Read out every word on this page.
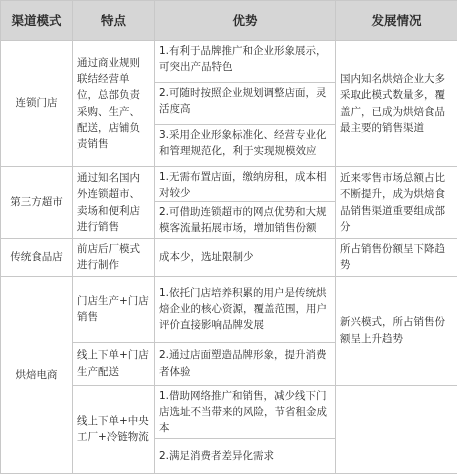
渠道模式	特点	优势	发展情况
连锁门店	通过商业规则联结经营单位，总部负责采购、生产、配送，店铺负责销售	1.有利于品牌推广和企业形象展示，可突出产品特色
2.可随时按照企业规划调整店面，灵活度高
3.采用企业形象标准化、经营专业化和管理规范化，利于实现规模效应	国内知名烘焙企业大多采取此模式数量多，覆盖广，已成为烘焙食品最主要的销售渠道
第三方超市	通过知名国内外连锁超市、卖场和便利店进行销售	1.无需布置店面，缴纳房租，成本相对较少
2.可借助连锁超市的网点优势和大规模客流量拓展市场，增加销售份额	近来零售市场总额占比不断提升，成为烘焙食品销售渠道重要组成部分
传统食品店	前店后厂模式进行制作	成本少，选址限制少	所占销售份额呈下降趋势
烘焙电商	门店生产+门店销售	1.依托门店培养积累的用户是传统烘焙企业的核心资源，覆盖范围，用户评价直接影响品牌发展	新兴模式，所占销售份额呈上升趋势
	线上下单+门店生产配送	2.通过店面塑造品牌形象，提升消费者体验	
	线上下单+中央工厂+冷链物流	1.借助网络推广和销售，减少线下门店选址不当带来的风险，节省租金成本	
		2.满足消费者差异化需求	
